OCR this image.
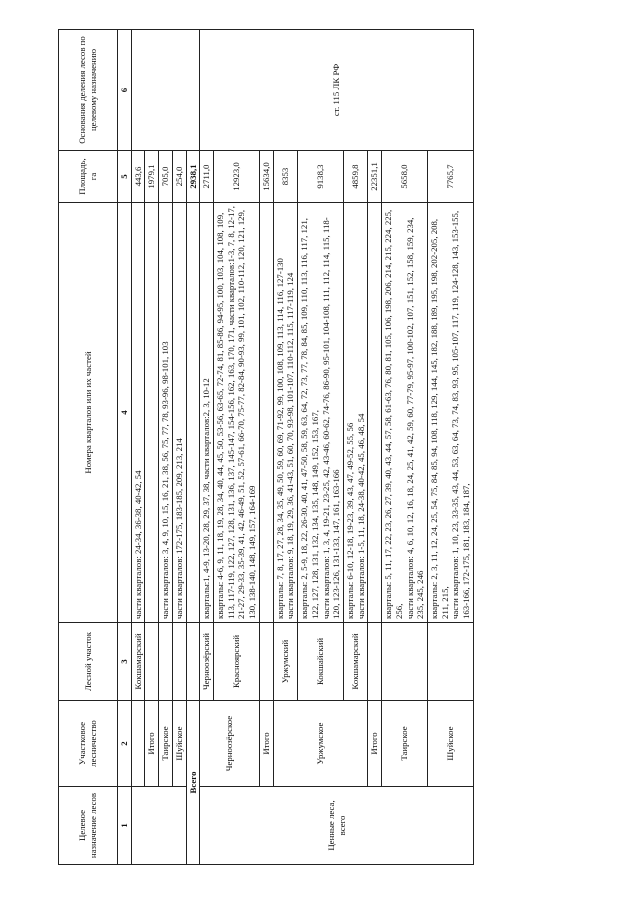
Целевое назначение лесов	Участковое лесничество	Лесной участок	Номера кварталов или их частей	Площадь, га	Основания деления лесов по целевому назначению
1	2	3	4	5	6
		Кокшамарский	части кварталов: 24-34, 36-38, 40-42, 54	443,6	
	Итого			1979,1	
	Таирское		части кварталов: 3, 4, 9, 10, 15, 16, 21, 38, 56, 75, 77, 78, 93-96, 98-101, 103	705,0	
	Шуйское		части кварталов: 172-175, 183-185, 209, 213, 214	254,0	
Всего				2938,1	
Ценные леса, всего	Черноозёрское	Черноозёрский	кварталы:1, 4-9, 13-20, 28, 29, 37, 38, части кварталов:2, 3, 10-12	2711,0	ст. 115 ЛК РФ
		Красноярский	кварталы: 4-6, 9, 11, 18, 19, 28, 34, 40, 44, 45, 50, 53-56, 63-65, 72-74, 81, 85-86, 94-95, 100, 103, 104, 108, 109, 113, 117-119, 122, 127, 128, 131, 136, 137, 145-147, 154-156, 162, 163, 170, 171, части кварталов:1-3, 7, 8, 12-17, 21-27, 29-33, 35-39, 41, 42, 46-49, 51, 52, 57-61, 66-70, 75-77, 82-84, 90-93, 99, 101, 102, 110-112, 120, 121, 129, 130, 138-140, 148, 149, 157, 164-169	12923,0	
	Итого			15634,0	
	Уржумское	Уржумский	кварталы: 7, 8, 17, 27, 28, 34, 35, 49, 50, 59, 60, 69, 71-92, 99, 100, 108, 109, 113, 114, 116, 127-130
части кварталов: 9, 18, 19, 29, 36, 41-43, 51, 60, 70, 93-98, 101-107, 110-112, 115, 117-119, 124	8353	
		Кокшайский	кварталы: 2, 5-9, 18, 22, 26-30, 40, 41, 47-50, 58, 59, 63, 64, 72, 73, 77, 78, 84, 85, 109, 110, 113, 116, 117, 121, 122, 127, 128, 131, 132, 134, 135, 148, 149, 152, 153, 167,
части кварталов: 1, 3, 4, 19-21, 23-25, 42, 43-46, 60-62, 74-76, 86-90, 95-101, 104-108, 111, 112, 114, 115, 118-120, 123-126, 131-133, 147, 161, 163-166	9138,3	
		Кокшамарский	кварталы: 6-10, 12-18, 19-23, 39, 43, 47, 49-52, 55, 56
части кварталов: 1-5, 11, 18, 24-38, 40-42, 45, 46, 48, 54	4859,8	
	Итого			22351,1	
	Таирское		кварталы: 5, 11, 17, 22, 23, 26, 27, 39, 40, 43, 44, 57, 58, 61-63, 76, 80, 81, 105, 106, 198, 206, 214, 215, 224, 225, 256,
части кварталов: 4, 6, 10, 12, 16, 18, 24, 25, 41, 42, 59, 60, 77-79, 95-97, 100-102, 107, 151, 152, 158, 159, 234, 235, 245, 246	5658,0	
	Шуйское		кварталы: 2, 3, 11, 12, 24, 25, 54, 75, 84, 85, 94, 108, 118, 129, 144, 145, 182, 188, 189, 195, 198, 202-205, 208, 211, 215,
части кварталов: 1, 10, 23, 33-35, 43, 44, 53, 63, 64, 73, 74, 83, 93, 95, 105-107, 117, 119, 124-128, 143, 153-155, 163-166, 172-175, 181, 183, 184, 187,	7765,7	
